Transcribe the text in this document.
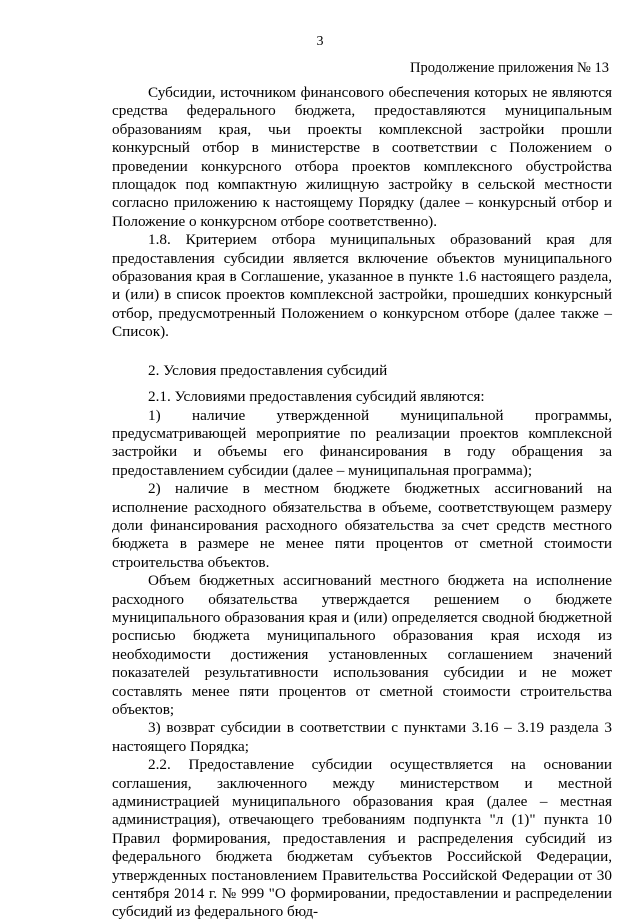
3
Продолжение приложения № 13

Субсидии, источником финансового обеспечения которых не являются средства федерального бюджета, предоставляются муниципальным образованиям края, чьи проекты комплексной застройки прошли конкурсный отбор в министерстве в соответствии с Положением о проведении конкурсного отбора проектов комплексного обустройства площадок под компактную жилищную застройку в сельской местности согласно приложению к настоящему Порядку (далее – конкурсный отбор и Положение о конкурсном отборе соответственно).

1.8. Критерием отбора муниципальных образований края для предоставления субсидии является включение объектов муниципального образования края в Соглашение, указанное в пункте 1.6 настоящего раздела, и (или) в список проектов комплексной застройки, прошедших конкурсный отбор, предусмотренный Положением о конкурсном отборе (далее также – Список).

2. Условия предоставления субсидий

2.1. Условиями предоставления субсидий являются:

1) наличие утвержденной муниципальной программы, предусматривающей мероприятие по реализации проектов комплексной застройки и объемы его финансирования в году обращения за предоставлением субсидии (далее – муниципальная программа);

2) наличие в местном бюджете бюджетных ассигнований на исполнение расходного обязательства в объеме, соответствующем размеру доли финансирования расходного обязательства за счет средств местного бюджета в размере не менее пяти процентов от сметной стоимости строительства объектов.

Объем бюджетных ассигнований местного бюджета на исполнение расходного обязательства утверждается решением о бюджете муниципального образования края и (или) определяется сводной бюджетной росписью бюджета муниципального образования края исходя из необходимости достижения установленных соглашением значений показателей результативности использования субсидии и не может составлять менее пяти процентов от сметной стоимости строительства объектов;

3) возврат субсидии в соответствии с пунктами 3.16 – 3.19 раздела 3 настоящего Порядка;

2.2. Предоставление субсидии осуществляется на основании соглашения, заключенного между министерством и местной администрацией муниципального образования края (далее – местная администрация), отвечающего требованиям подпункта "л (1)" пункта 10 Правил формирования, предоставления и распределения субсидий из федерального бюджета бюджетам субъектов Российской Федерации, утвержденных постановлением Правительства Российской Федерации от 30 сентября 2014 г. № 999 "О формировании, предоставлении и распределении субсидий из федерального бюд-
